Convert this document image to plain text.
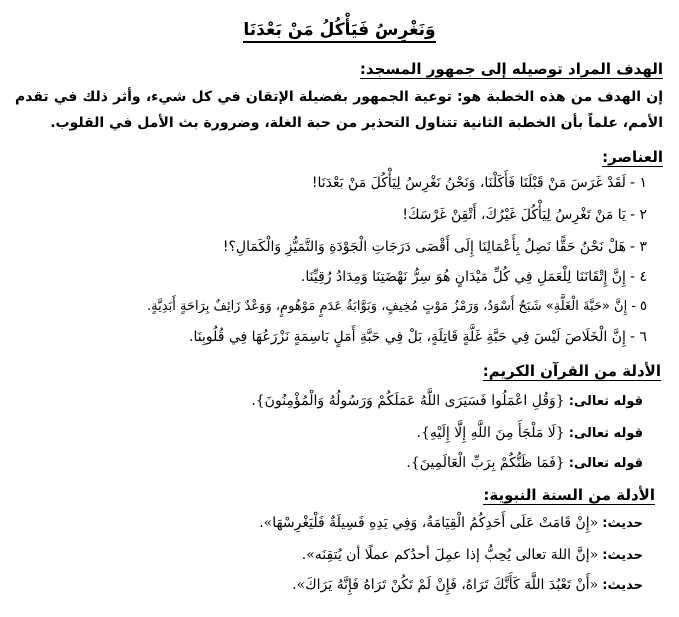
وَنَغْرِسُ فَيَأْكُلُ مَنْ بَعْدَنَا
الهدف المراد توصيله إلى جمهور المسجد:
إن الهدف من هذه الخطبة هو: توعية الجمهور بفضيلة الإتقان في كل شيء، وأثر ذلك في تقدم الأمم، علماً بأن الخطبة الثانية تتناول التحذير من حبة الغلة، وضرورة بث الأمل في القلوب.
العناصر:
١ -لَقَدْ غَرَسَ مَنْ قَبْلَنَا فَأَكَلْنَا، وَنَحْنُ نَغْرِسُ لِيَأْكُلَ مَنْ بَعْدَنَا!
٢ -يَا مَنْ تَغْرِسُ لِيَأْكُلَ غَيْرُكَ، أَتْقِنْ غَرْسَكَ!
٣ -هَلْ نَحْنُ حَقًّا نَصِلُ بِأَعْمَالِنَا إِلَى أَقْصَى دَرَجَاتِ الْجَوْدَةِ وَالتَّمَيُّزِ وَالْكَمَالِ؟!
٤ -إِنَّ إِتْقَانَنَا لِلْعَمَلِ فِي كُلِّ مَيْدَانٍ هُوَ سِرُّ نَهْضَتِنَا وَمِدَادُ رُقِيِّنَا.
٥ -إِنَّ «حَبَّةَ الْغَلَّةِ» شَبَحٌ أَسْوَدُ، وَرَمْزُ مَوْتٍ مُخِيفٍ، وَبَوَّابَةُ عَدَمٍ مَوْهُومٍ، وَوَعْدٌ زَائِفٌ بِرَاحَةٍ أَبَدِيَّةٍ.
٦ -إِنَّ الْخَلَاصَ لَيْسَ فِي حَبَّةِ غَلَّةٍ قَاتِلَةٍ، بَلْ فِي حَبَّةِ أَمَلٍ بَاسِمَةٍ نَزْرَعُهَا فِي قُلُوبِنَا.
الأدلة من القرآن الكريم:
قوله تعالى:{وَقُلِ اعْمَلُوا فَسَيَرَى اللَّهُ عَمَلَكُمْ وَرَسُولُهُ وَالْمُؤْمِنُونَ}.
قوله تعالى:{لَا مَلْجَأَ مِنَ اللَّهِ إِلَّا إِلَيْهِ}.
قوله تعالى:{فَمَا ظَنُّكُمْ بِرَبِّ الْعَالَمِينَ}.
الأدلة من السنة النبوية:
حديث:«إِنْ قَامَتْ عَلَى أَحَدِكُمُ الْقِيَامَةُ، وَفِي يَدِهِ فَسِيلَةٌ فَلْيَغْرِسْهَا».
حديث:«إنَّ اللهَ تعالى يُحِبُّ إذا عمِلَ أحدُكم عملًا أن يُتقِنَه».
حديث:«أَنْ تَعْبُدَ اللَّهَ كَأَنَّكَ تَرَاهُ، فَإِنْ لَمْ تَكُنْ تَرَاهُ فَإِنَّهُ يَرَاكَ».
